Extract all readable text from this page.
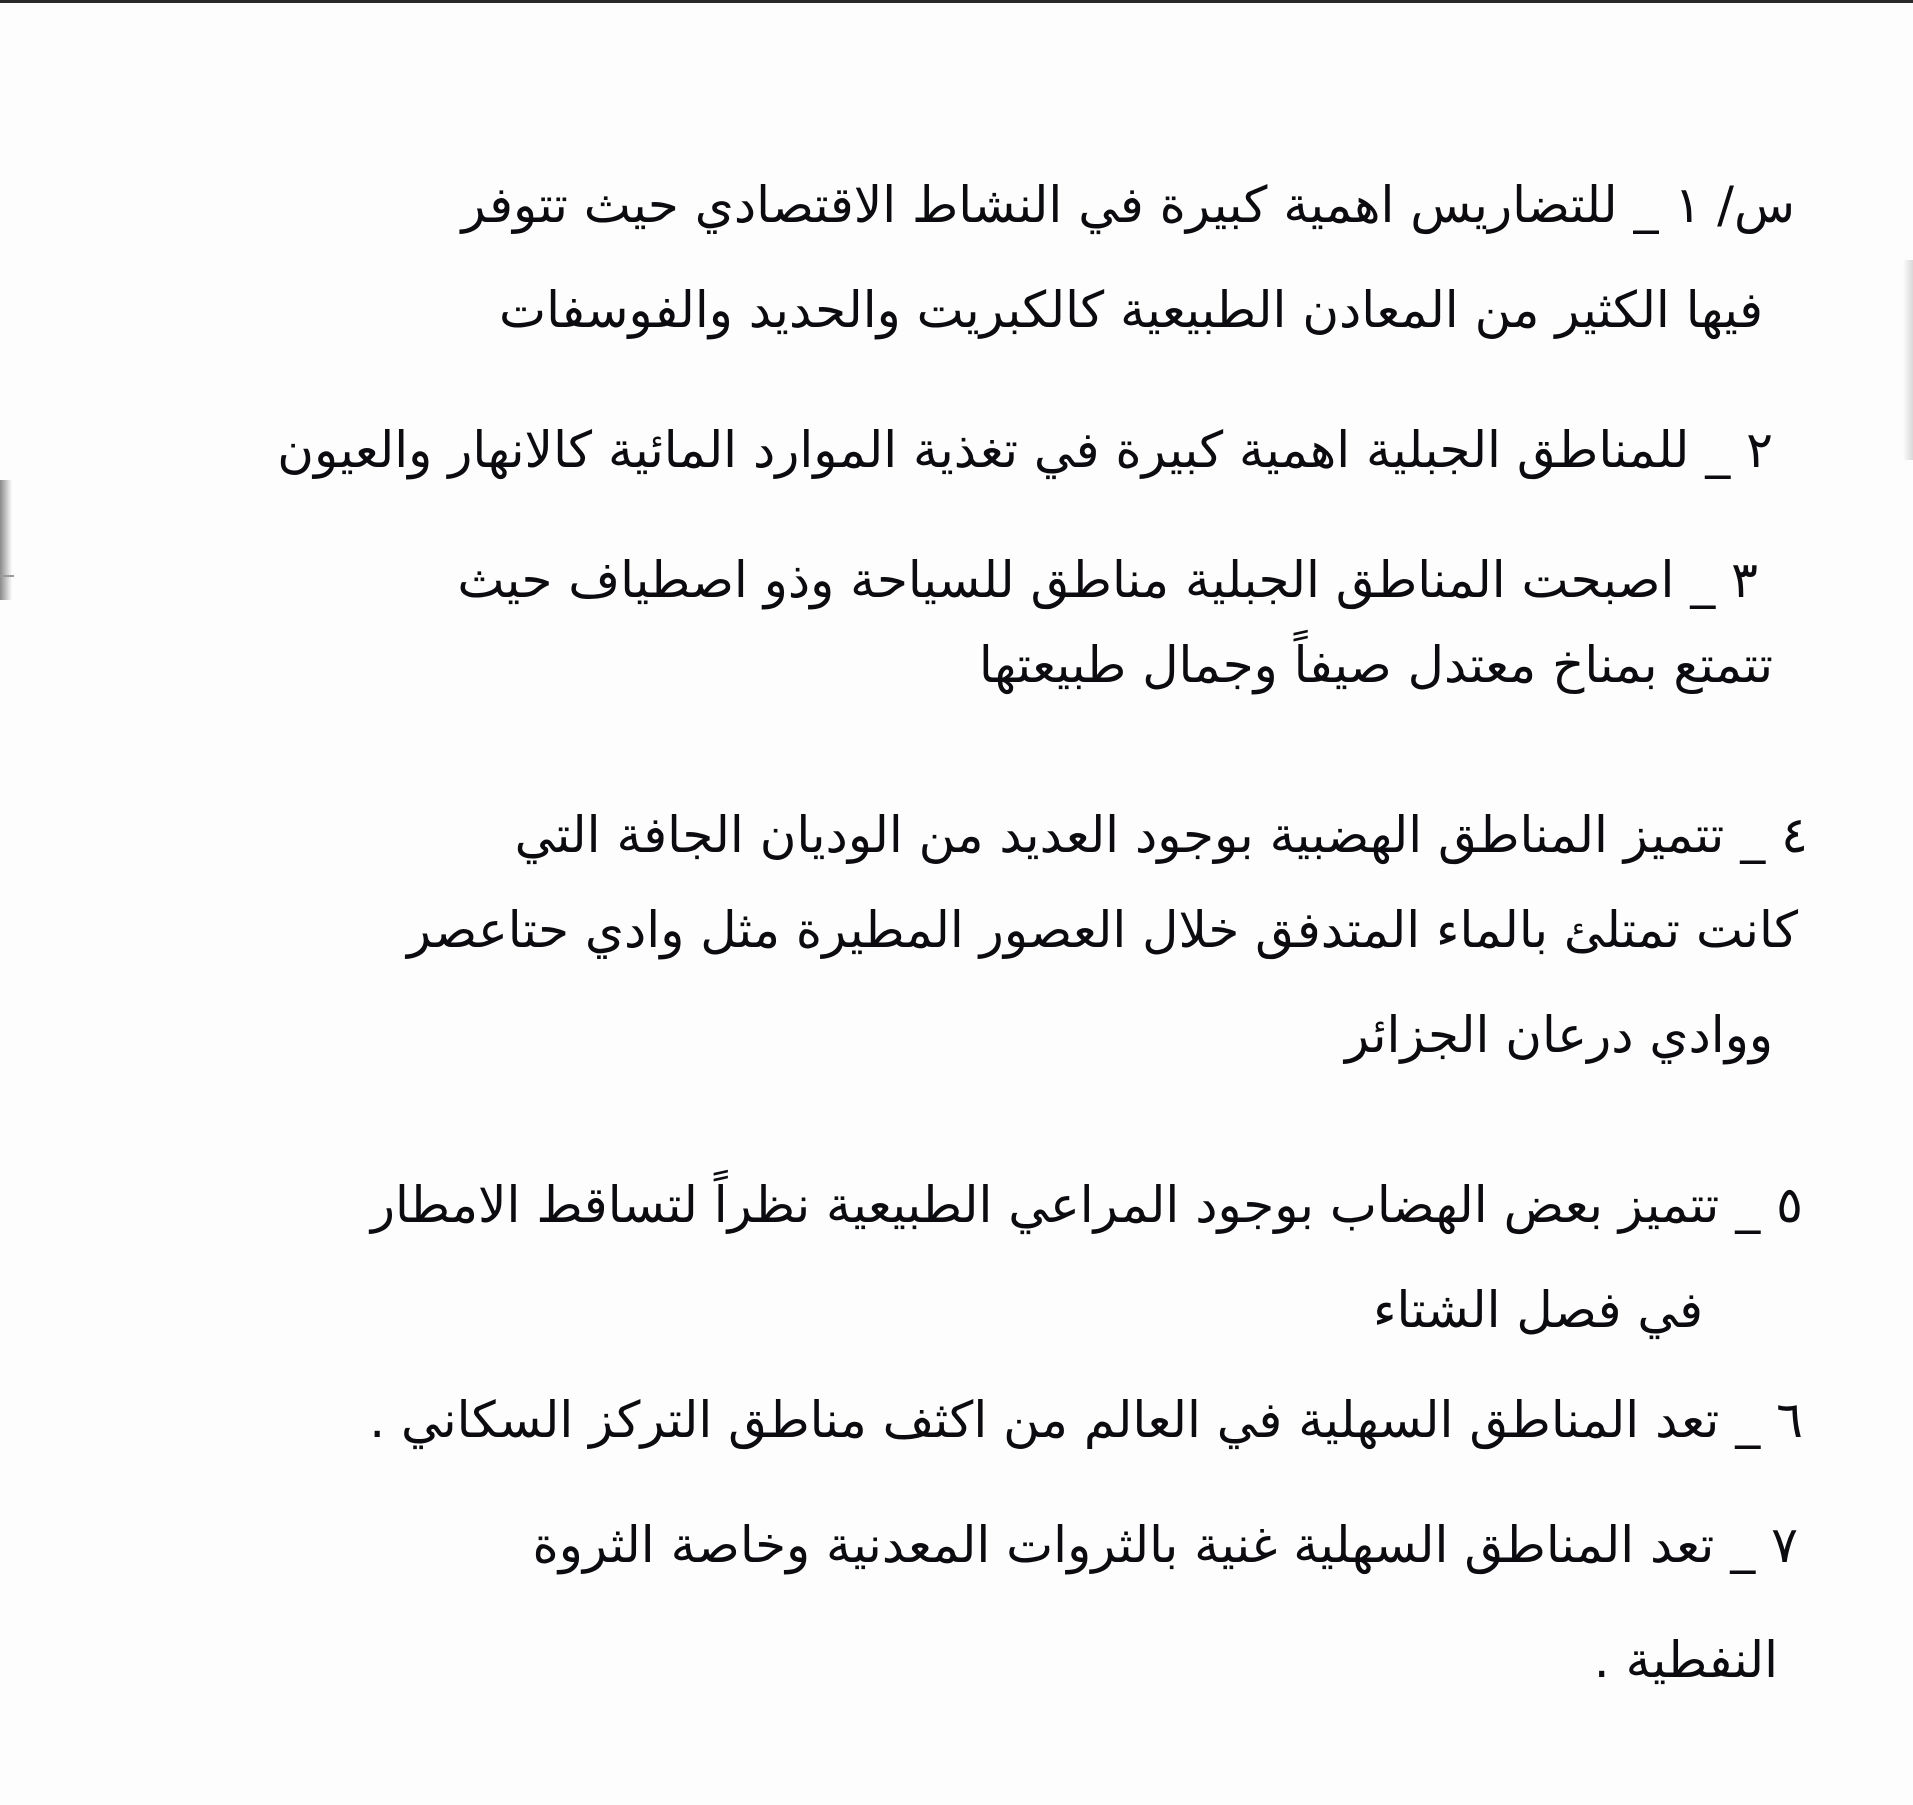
س/ ١ _ للتضاريس اهمية كبيرة في النشاط الاقتصادي حيث تتوفر
فيها الكثير من المعادن الطبيعية كالكبريت والحديد والفوسفات
٢ _ للمناطق الجبلية اهمية كبيرة في تغذية الموارد المائية كالانهار والعيون
٣ _ اصبحت المناطق الجبلية مناطق للسياحة وذو اصطياف حيث
تتمتع بمناخ معتدل صيفاً وجمال طبيعتها
٤ _ تتميز المناطق الهضبية بوجود العديد من الوديان الجافة التي
كانت تمتلئ بالماء المتدفق خلال العصور المطيرة مثل وادي حتاعصر
ووادي درعان الجزائر
٥ _ تتميز بعض الهضاب بوجود المراعي الطبيعية نظراً لتساقط الامطار
في فصل الشتاء
٦ _ تعد المناطق السهلية في العالم من اكثف مناطق التركز السكاني .
٧ _ تعد المناطق السهلية غنية بالثروات المعدنية وخاصة الثروة
النفطية .
